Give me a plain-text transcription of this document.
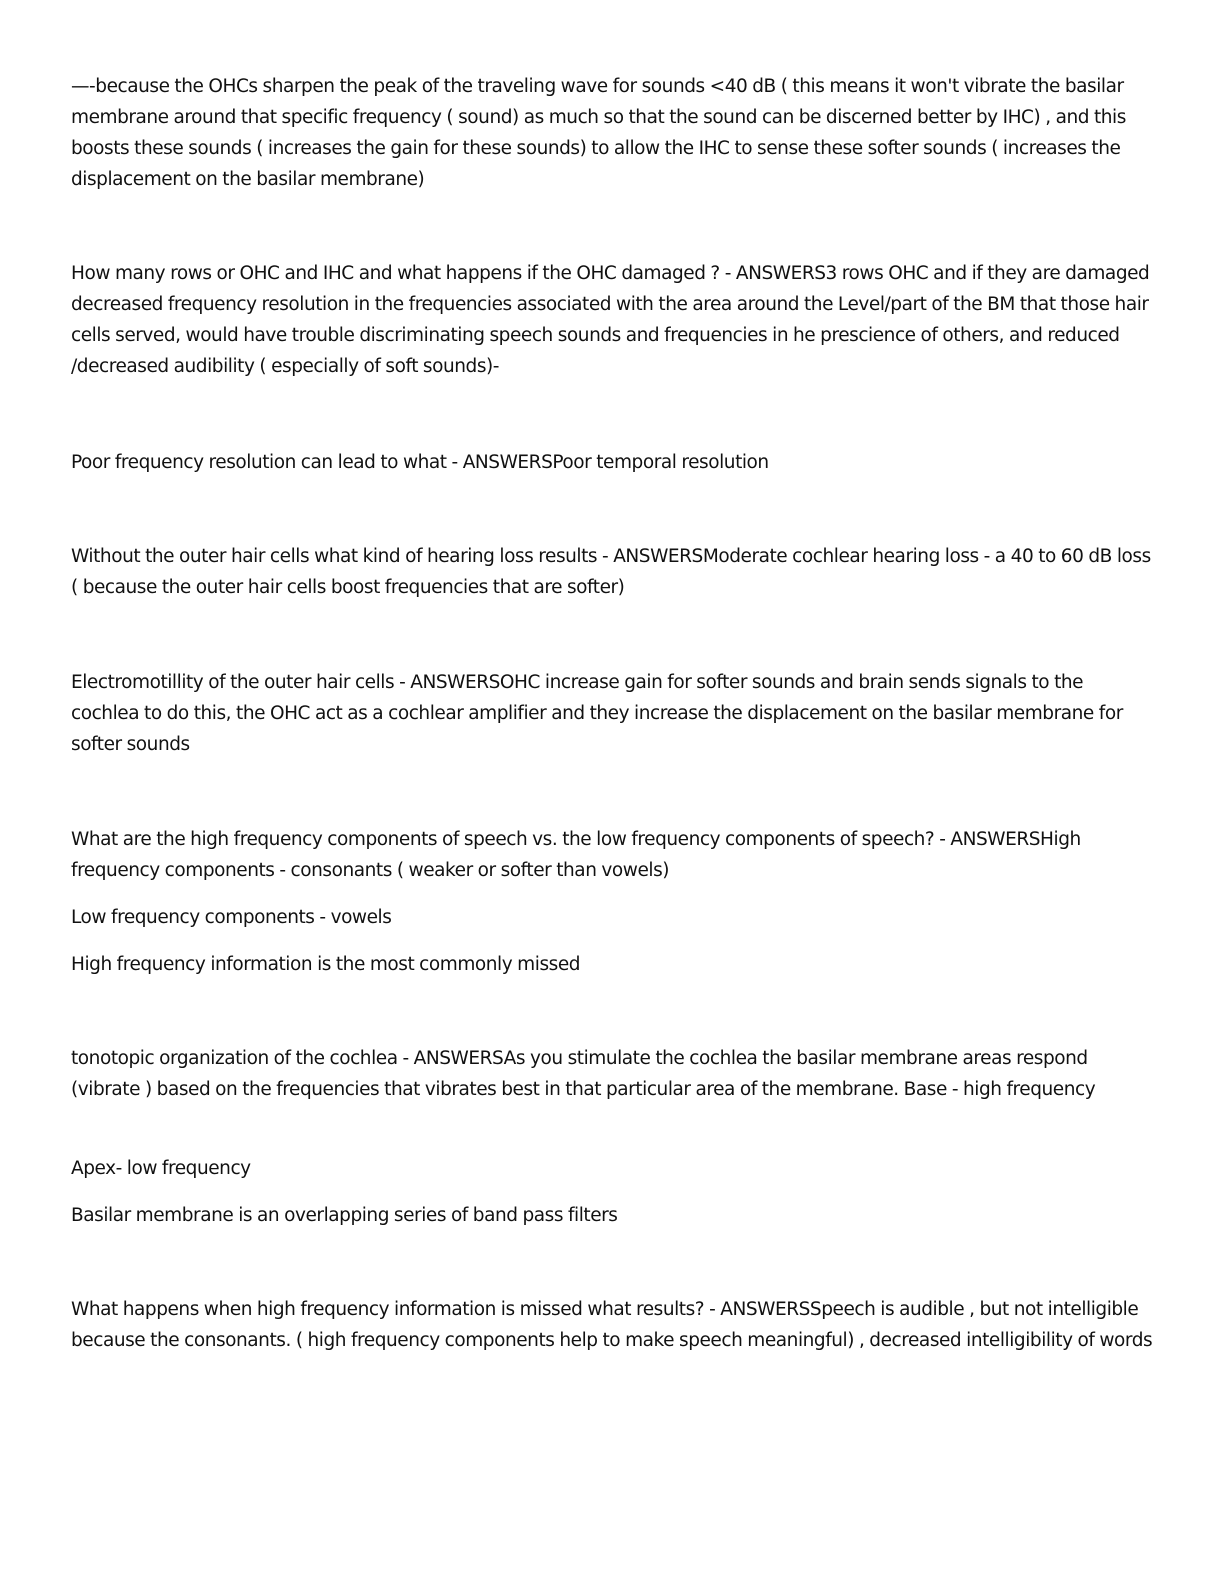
—-because the OHCs sharpen the peak of the traveling wave for sounds <40 dB ( this means it won't vibrate the basilar membrane around that specific frequency ( sound) as much so that the sound can be discerned better by IHC) , and this boosts these sounds ( increases the gain for these sounds) to allow the IHC to sense these softer sounds ( increases the displacement on the basilar membrane)

How many rows or OHC and IHC and what happens if the OHC damaged ? - ANSWERS3 rows OHC and if they are damaged decreased frequency resolution in the frequencies associated with the area around the Level/part of the BM that those hair cells served, would have trouble discriminating speech sounds and frequencies in he prescience of others, and reduced /decreased audibility ( especially of soft sounds)-

Poor frequency resolution can lead to what - ANSWERSPoor temporal resolution

Without the outer hair cells what kind of hearing loss results - ANSWERSModerate cochlear hearing loss - a 40 to 60 dB loss ( because the outer hair cells boost frequencies that are softer)

Electromotillity of the outer hair cells - ANSWERSOHC increase gain for softer sounds and brain sends signals to the cochlea to do this, the OHC act as a cochlear amplifier and they increase the displacement on the basilar membrane for softer sounds

What are the high frequency components of speech vs. the low frequency components of speech? - ANSWERSHigh frequency components - consonants ( weaker or softer than vowels)

Low frequency components - vowels

High frequency information is the most commonly missed

tonotopic organization of the cochlea - ANSWERSAs you stimulate the cochlea the basilar membrane areas respond (vibrate ) based on the frequencies that vibrates best in that particular area of the membrane. Base - high frequency

Apex- low frequency

Basilar membrane is an overlapping series of band pass filters

What happens when high frequency information is missed what results? - ANSWERSSpeech is audible , but not intelligible because the consonants. ( high frequency components help to make speech meaningful) , decreased intelligibility of words
